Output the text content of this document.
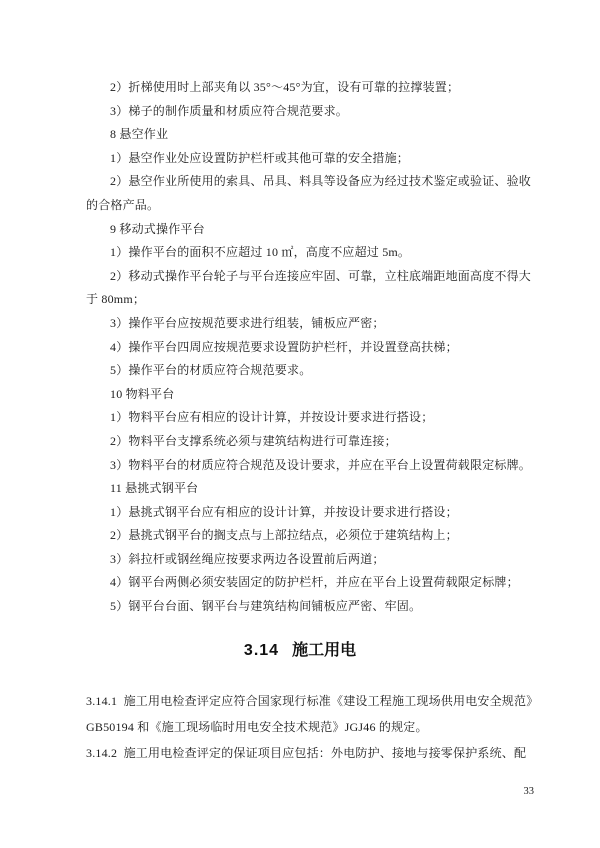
2）折梯使用时上部夹角以 35°～45°为宜，设有可靠的拉撑装置；
3）梯子的制作质量和材质应符合规范要求。
8 悬空作业
1）悬空作业处应设置防护栏杆或其他可靠的安全措施；
2）悬空作业所使用的索具、吊具、料具等设备应为经过技术鉴定或验证、验收
的合格产品。
9 移动式操作平台
1）操作平台的面积不应超过 10 ㎡，高度不应超过 5m。
2）移动式操作平台轮子与平台连接应牢固、可靠，立柱底端距地面高度不得大
于 80mm；
3）操作平台应按规范要求进行组装，铺板应严密；
4）操作平台四周应按规范要求设置防护栏杆，并设置登高扶梯；
5）操作平台的材质应符合规范要求。
10 物料平台
1）物料平台应有相应的设计计算，并按设计要求进行搭设；
2）物料平台支撑系统必须与建筑结构进行可靠连接；
3）物料平台的材质应符合规范及设计要求，并应在平台上设置荷载限定标牌。
11 悬挑式钢平台
1）悬挑式钢平台应有相应的设计计算，并按设计要求进行搭设；
2）悬挑式钢平台的搁支点与上部拉结点，必须位于建筑结构上；
3）斜拉杆或钢丝绳应按要求两边各设置前后两道；
4）钢平台两侧必须安装固定的防护栏杆，并应在平台上设置荷载限定标牌；
5）钢平台台面、钢平台与建筑结构间铺板应严密、牢固。
3.14 施工用电
3.14.1  施工用电检查评定应符合国家现行标准《建设工程施工现场供用电安全规范》
GB50194 和《施工现场临时用电安全技术规范》JGJ46 的规定。
3.14.2  施工用电检查评定的保证项目应包括：外电防护、接地与接零保护系统、配
33
